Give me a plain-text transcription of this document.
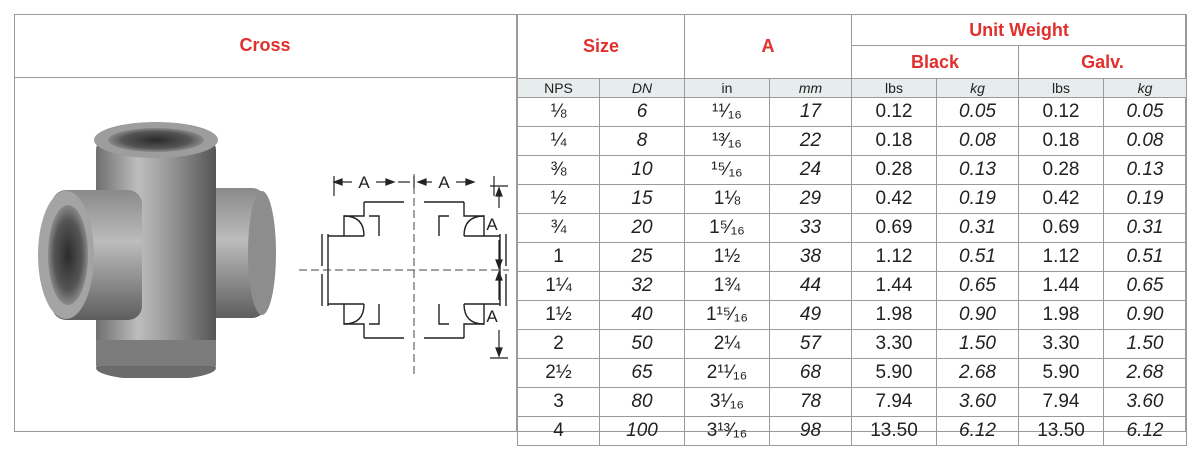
Cross
A	A
A
A
Size		A		Unit Weight			
				Black		Galv.	
NPS	DN	in	mm	lbs	kg	lbs	kg
⅛	6	¹¹⁄₁₆	17	0.12	0.05	0.12	0.05
¼	8	¹³⁄₁₆	22	0.18	0.08	0.18	0.08
⅜	10	¹⁵⁄₁₆	24	0.28	0.13	0.28	0.13
½	15	1⅛	29	0.42	0.19	0.42	0.19
¾	20	1⁵⁄₁₆	33	0.69	0.31	0.69	0.31
1	25	1½	38	1.12	0.51	1.12	0.51
1¼	32	1¾	44	1.44	0.65	1.44	0.65
1½	40	1¹⁵⁄₁₆	49	1.98	0.90	1.98	0.90
2	50	2¼	57	3.30	1.50	3.30	1.50
2½	65	2¹¹⁄₁₆	68	5.90	2.68	5.90	2.68
3	80	3¹⁄₁₆	78	7.94	3.60	7.94	3.60
4	100	3¹³⁄₁₆	98	13.50	6.12	13.50	6.12
